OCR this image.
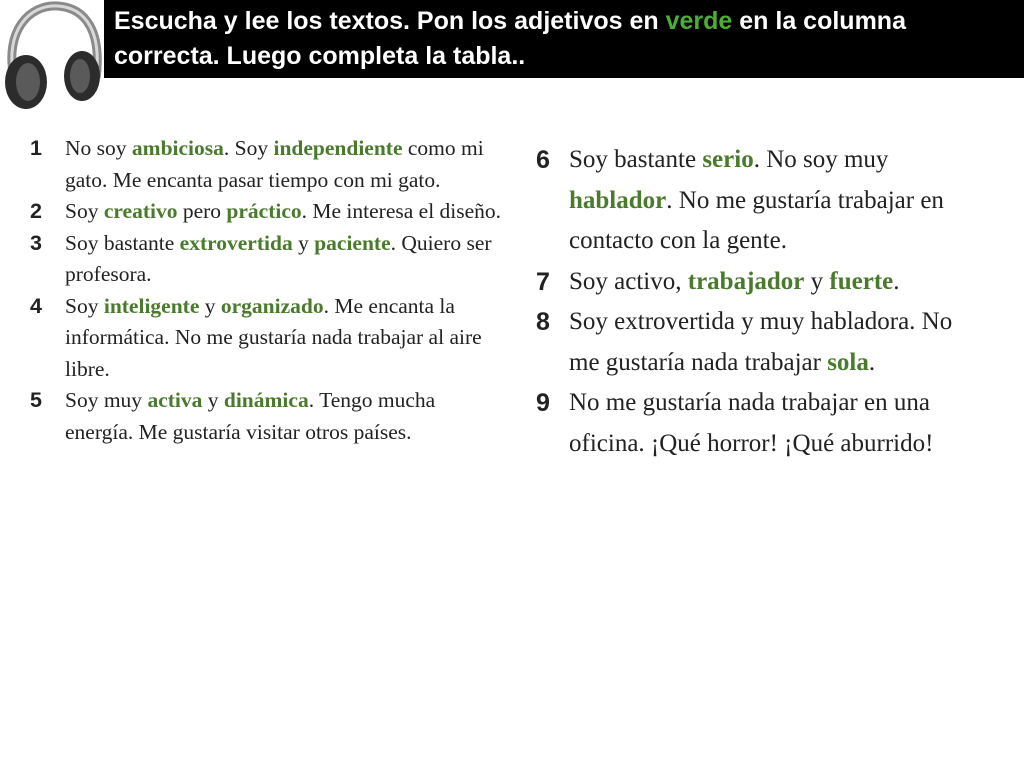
Escucha y lee los textos. Pon los adjetivos en verde en la columna correcta. Luego completa la tabla..
1 No soy ambiciosa. Soy independiente como mi gato. Me encanta pasar tiempo con mi gato.
2 Soy creativo pero práctico. Me interesa el diseño.
3 Soy bastante extrovertida y paciente. Quiero ser profesora.
4 Soy inteligente y organizado. Me encanta la informática. No me gustaría nada trabajar al aire libre.
5 Soy muy activa y dinámica. Tengo mucha energía. Me gustaría visitar otros países.
6 Soy bastante serio. No soy muy hablador. No me gustaría trabajar en contacto con la gente.
7 Soy activo, trabajador y fuerte.
8 Soy extrovertida y muy habladora. No me gustaría nada trabajar sola.
9 No me gustaría nada trabajar en una oficina. ¡Qué horror! ¡Qué aburrido!
